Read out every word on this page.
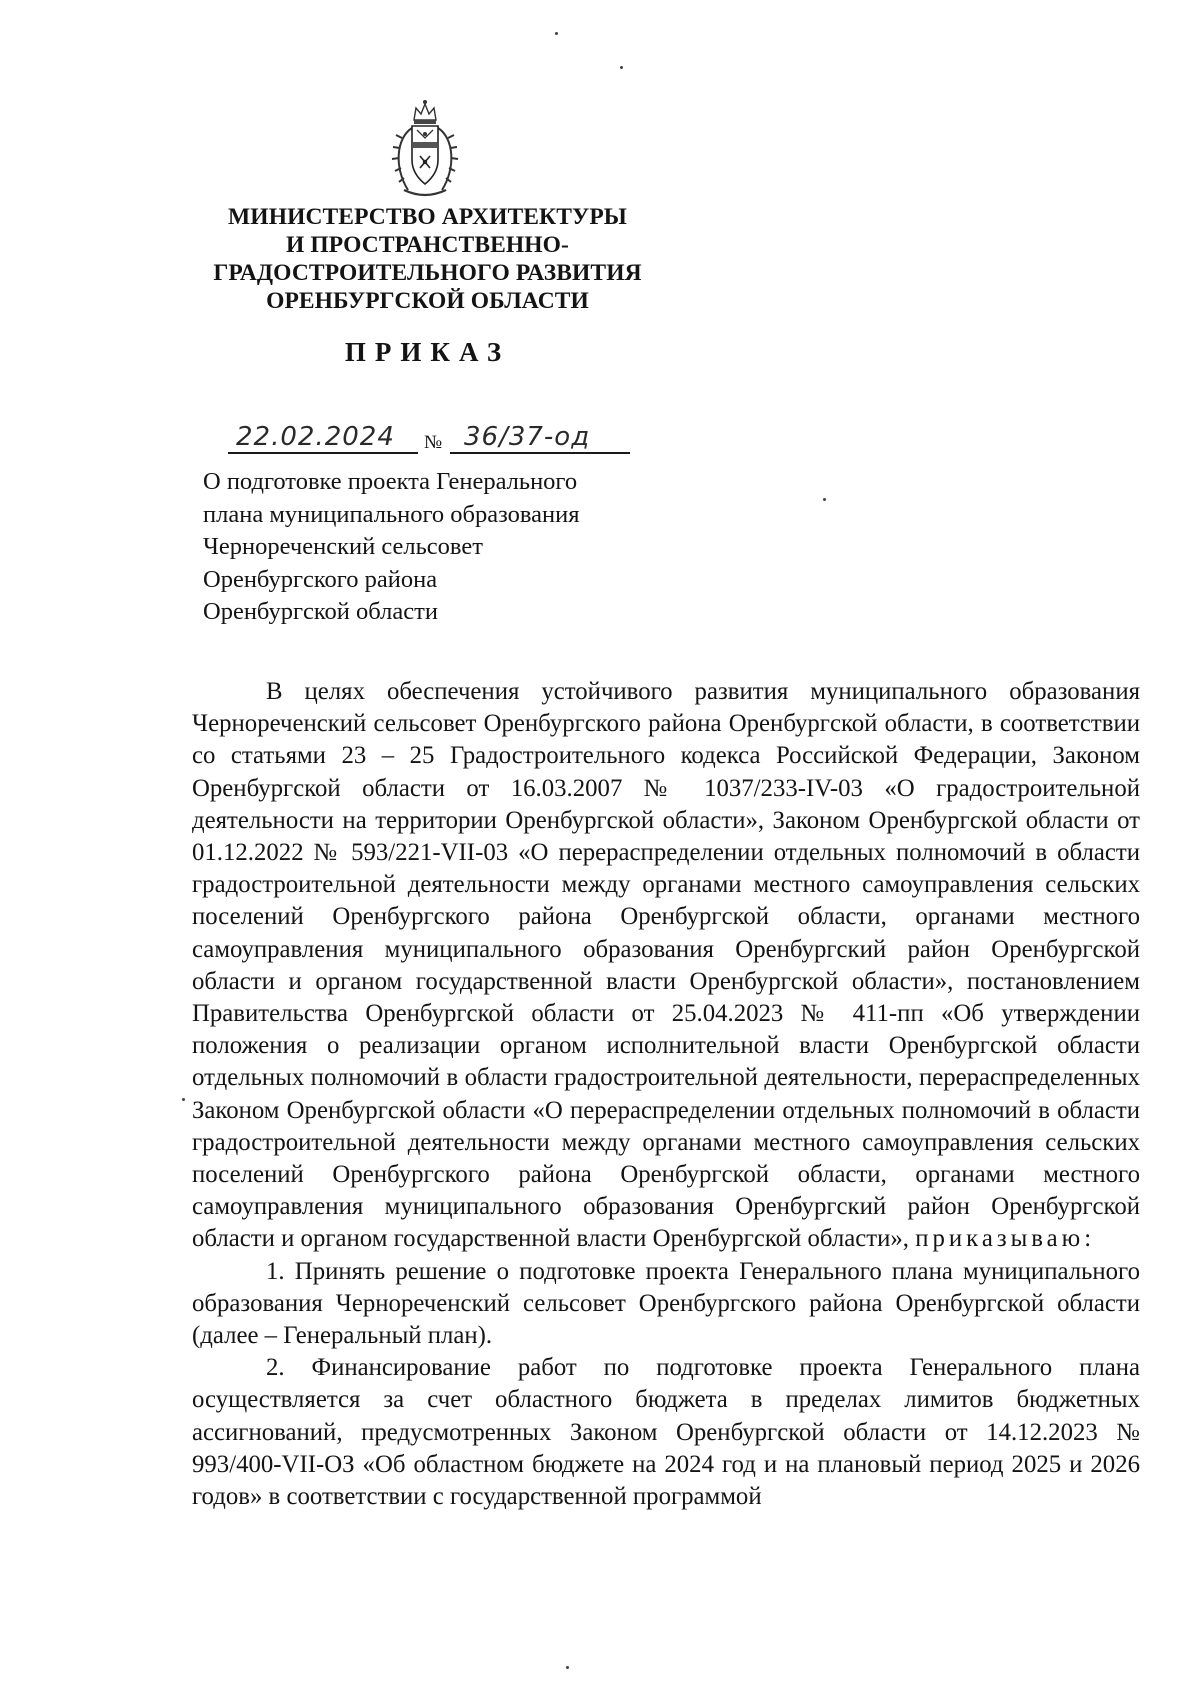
МИНИСТЕРСТВО АРХИТЕКТУРЫ
И ПРОСТРАНСТВЕННО-
ГРАДОСТРОИТЕЛЬНОГО РАЗВИТИЯ
ОРЕНБУРГСКОЙ ОБЛАСТИ
ПРИКАЗ
22.02.2024 № 36/37-од
О подготовке проекта Генерального
плана муниципального образования
Чернореченский сельсовет
Оренбургского района
Оренбургской области

В целях обеспечения устойчивого развития муниципального образования Чернореченский сельсовет Оренбургского района Оренбургской области, в соответствии со статьями 23 – 25 Градостроительного кодекса Российской Федерации, Законом Оренбургской области от 16.03.2007 № 1037/233-IV-03 «О градостроительной деятельности на территории Оренбургской области», Законом Оренбургской области от 01.12.2022 № 593/221-VII-03 «О перераспределении отдельных полномочий в области градостроительной деятельности между органами местного самоуправления сельских поселений Оренбургского района Оренбургской области, органами местного самоуправления муниципального образования Оренбургский район Оренбургской области и органом государственной власти Оренбургской области», постановлением Правительства Оренбургской области от 25.04.2023 № 411-пп «Об утверждении положения о реализации органом исполнительной власти Оренбургской области отдельных полномочий в области градостроительной деятельности, перераспределенных Законом Оренбургской области «О перераспределении отдельных полномочий в области градостроительной деятельности между органами местного самоуправления сельских поселений Оренбургского района Оренбургской области, органами местного самоуправления муниципального образования Оренбургский район Оренбургской области и органом государственной власти Оренбургской области», приказываю:

1. Принять решение о подготовке проекта Генерального плана муниципального образования Чернореченский сельсовет Оренбургского района Оренбургской области (далее – Генеральный план).

2. Финансирование работ по подготовке проекта Генерального плана осуществляется за счет областного бюджета в пределах лимитов бюджетных ассигнований, предусмотренных Законом Оренбургской области от 14.12.2023 № 993/400-VII-ОЗ «Об областном бюджете на 2024 год и на плановый период 2025 и 2026 годов» в соответствии с государственной программой
